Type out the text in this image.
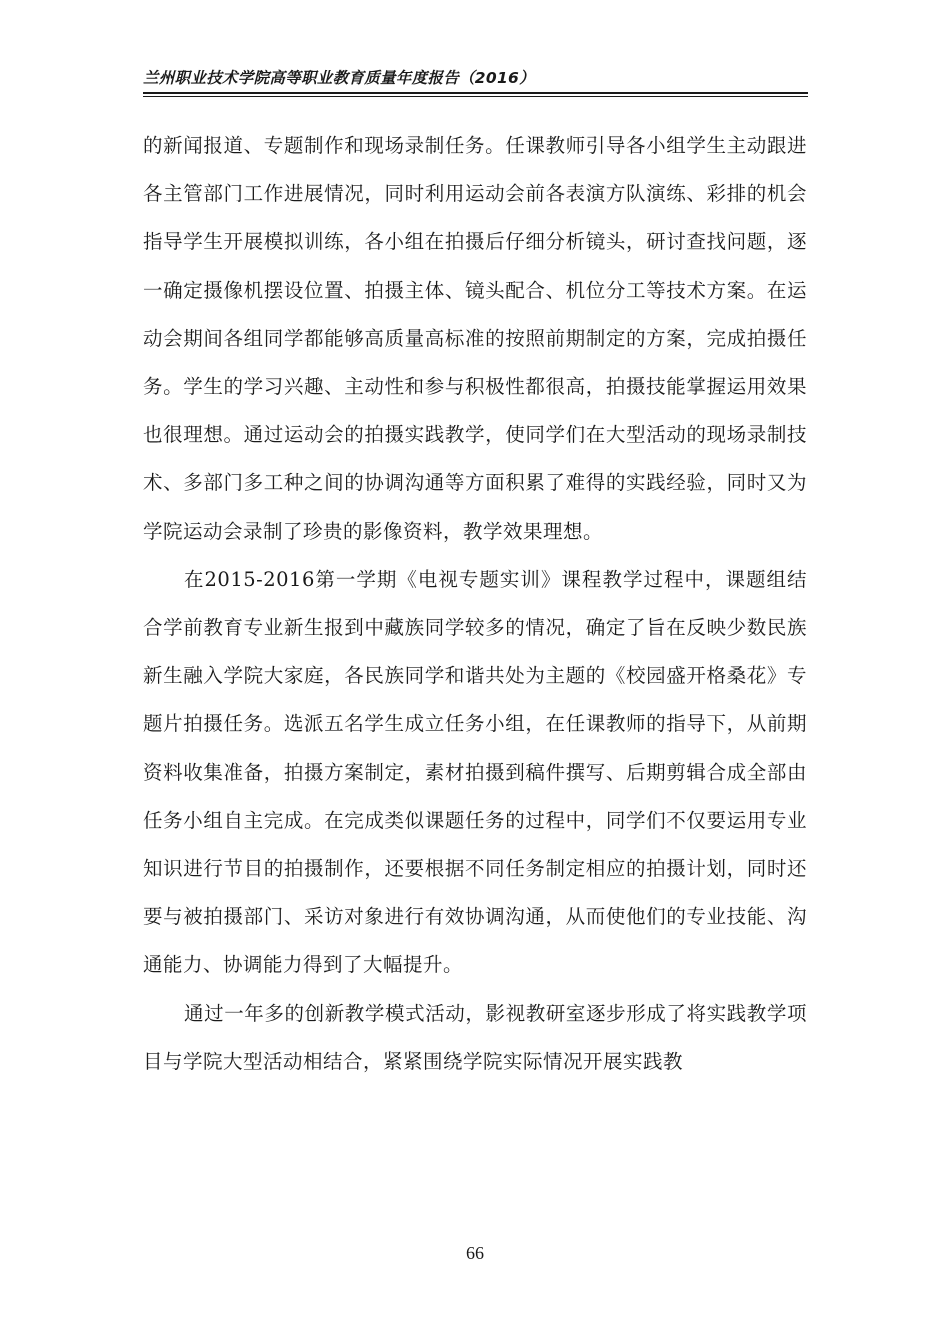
兰州职业技术学院高等职业教育质量年度报告（2016）

的新闻报道、专题制作和现场录制任务。任课教师引导各小组学生主动跟进各主管部门工作进展情况，同时利用运动会前各表演方队演练、彩排的机会指导学生开展模拟训练，各小组在拍摄后仔细分析镜头，研讨查找问题，逐一确定摄像机摆设位置、拍摄主体、镜头配合、机位分工等技术方案。在运动会期间各组同学都能够高质量高标准的按照前期制定的方案，完成拍摄任务。学生的学习兴趣、主动性和参与积极性都很高，拍摄技能掌握运用效果也很理想。通过运动会的拍摄实践教学，使同学们在大型活动的现场录制技术、多部门多工种之间的协调沟通等方面积累了难得的实践经验，同时又为学院运动会录制了珍贵的影像资料，教学效果理想。

在2015-2016第一学期《电视专题实训》课程教学过程中，课题组结合学前教育专业新生报到中藏族同学较多的情况，确定了旨在反映少数民族新生融入学院大家庭，各民族同学和谐共处为主题的《校园盛开格桑花》专题片拍摄任务。选派五名学生成立任务小组，在任课教师的指导下，从前期资料收集准备，拍摄方案制定，素材拍摄到稿件撰写、后期剪辑合成全部由任务小组自主完成。在完成类似课题任务的过程中，同学们不仅要运用专业知识进行节目的拍摄制作，还要根据不同任务制定相应的拍摄计划，同时还要与被拍摄部门、采访对象进行有效协调沟通，从而使他们的专业技能、沟通能力、协调能力得到了大幅提升。

通过一年多的创新教学模式活动，影视教研室逐步形成了将实践教学项目与学院大型活动相结合，紧紧围绕学院实际情况开展实践教

66
